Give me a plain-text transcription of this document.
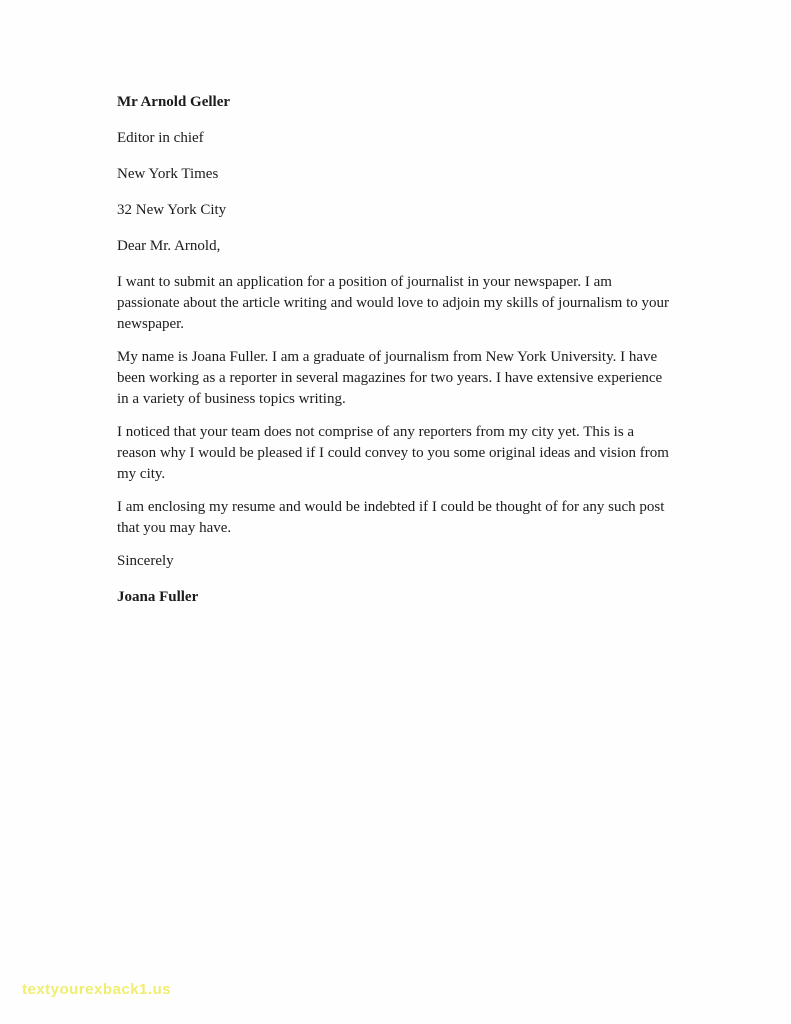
Mr Arnold Geller

Editor in chief

New York Times

32 New York City

Dear Mr. Arnold,

I want to submit an application for a position of journalist in your newspaper. I am passionate about the article writing and would love to adjoin my skills of journalism to your newspaper.

My name is Joana Fuller. I am a graduate of journalism from New York University. I have been working as a reporter in several magazines for two years. I have extensive experience in a variety of business topics writing.

I noticed that your team does not comprise of any reporters from my city yet. This is a reason why I would be pleased if I could convey to you some original ideas and vision from my city.

I am enclosing my resume and would be indebted if I could be thought of for any such post that you may have.

Sincerely

Joana Fuller

textyourexback1.us
